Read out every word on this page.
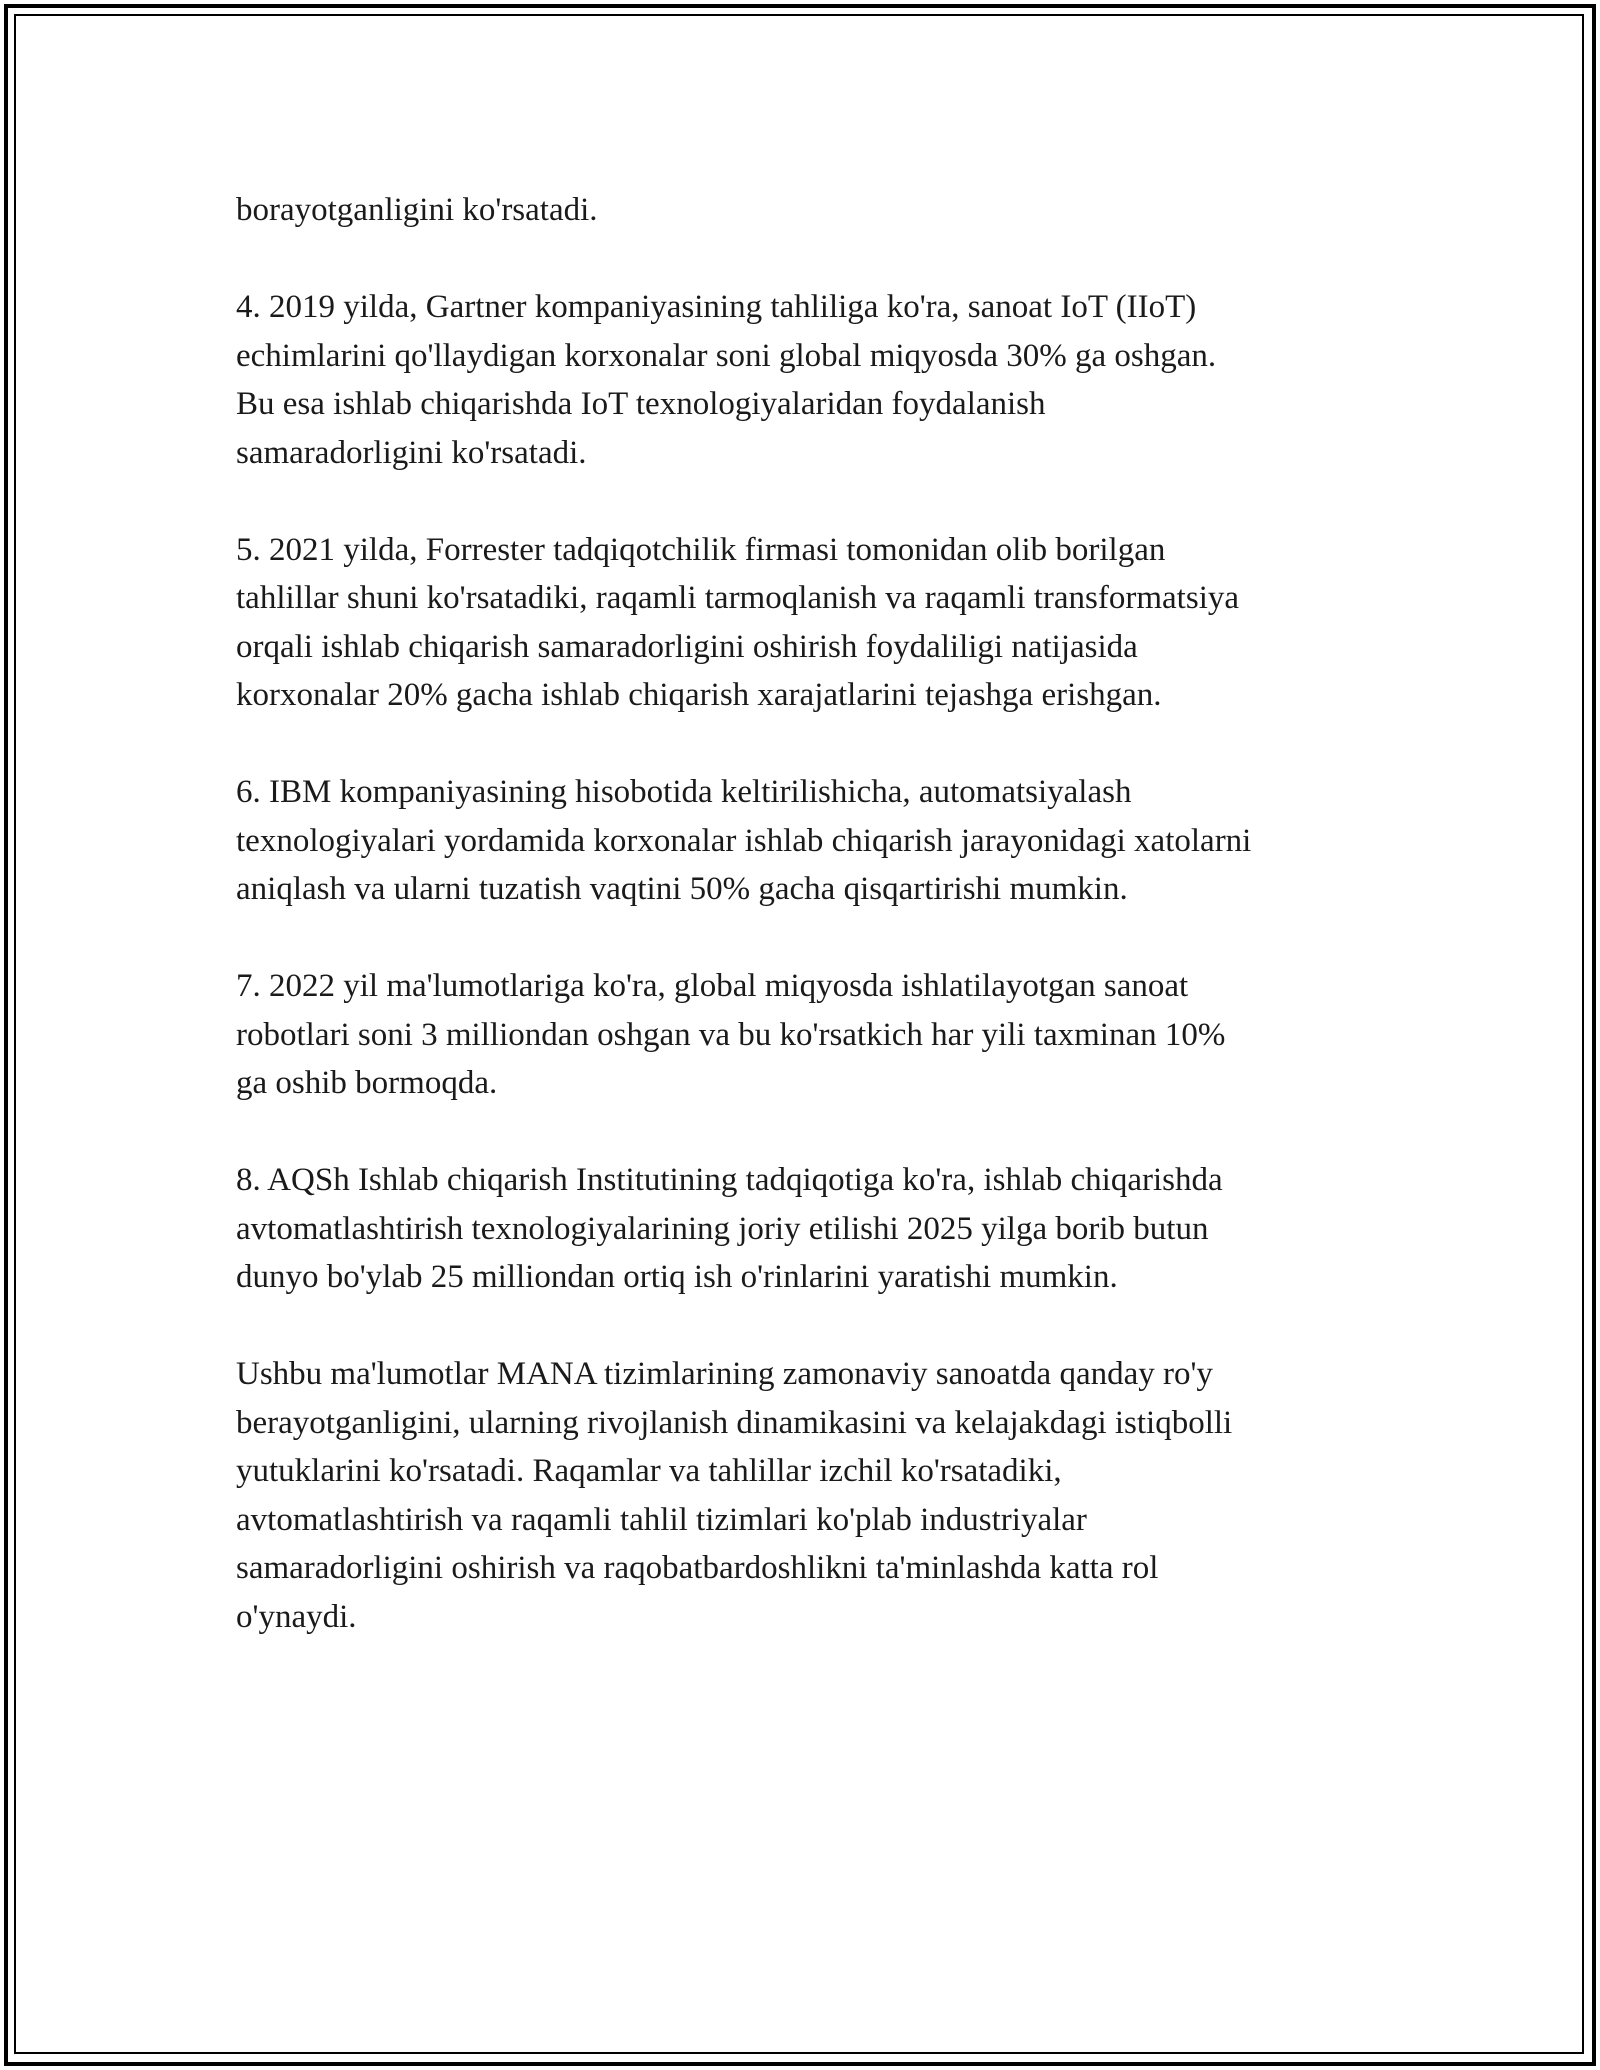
borayotganligini ko'rsatadi.

4. 2019 yilda, Gartner kompaniyasining tahliliga ko'ra, sanoat IoT (IIoT)
echimlarini qo'llaydigan korxonalar soni global miqyosda 30% ga oshgan.
Bu esa ishlab chiqarishda IoT texnologiyalaridan foydalanish
samaradorligini ko'rsatadi.

5. 2021 yilda, Forrester tadqiqotchilik firmasi tomonidan olib borilgan
tahlillar shuni ko'rsatadiki, raqamli tarmoqlanish va raqamli transformatsiya
orqali ishlab chiqarish samaradorligini oshirish foydaliligi natijasida
korxonalar 20% gacha ishlab chiqarish xarajatlarini tejashga erishgan.

6. IBM kompaniyasining hisobotida keltirilishicha, automatsiyalash
texnologiyalari yordamida korxonalar ishlab chiqarish jarayonidagi xatolarni
aniqlash va ularni tuzatish vaqtini 50% gacha qisqartirishi mumkin.

7. 2022 yil ma'lumotlariga ko'ra, global miqyosda ishlatilayotgan sanoat
robotlari soni 3 milliondan oshgan va bu ko'rsatkich har yili taxminan 10%
ga oshib bormoqda.

8. AQSh Ishlab chiqarish Institutining tadqiqotiga ko'ra, ishlab chiqarishda
avtomatlashtirish texnologiyalarining joriy etilishi 2025 yilga borib butun
dunyo bo'ylab 25 milliondan ortiq ish o'rinlarini yaratishi mumkin.

Ushbu ma'lumotlar MANA tizimlarining zamonaviy sanoatda qanday ro'y
berayotganligini, ularning rivojlanish dinamikasini va kelajakdagi istiqbolli
yutuklarini ko'rsatadi. Raqamlar va tahlillar izchil ko'rsatadiki,
avtomatlashtirish va raqamli tahlil tizimlari ko'plab industriyalar
samaradorligini oshirish va raqobatbardoshlikni ta'minlashda katta rol
o'ynaydi.
